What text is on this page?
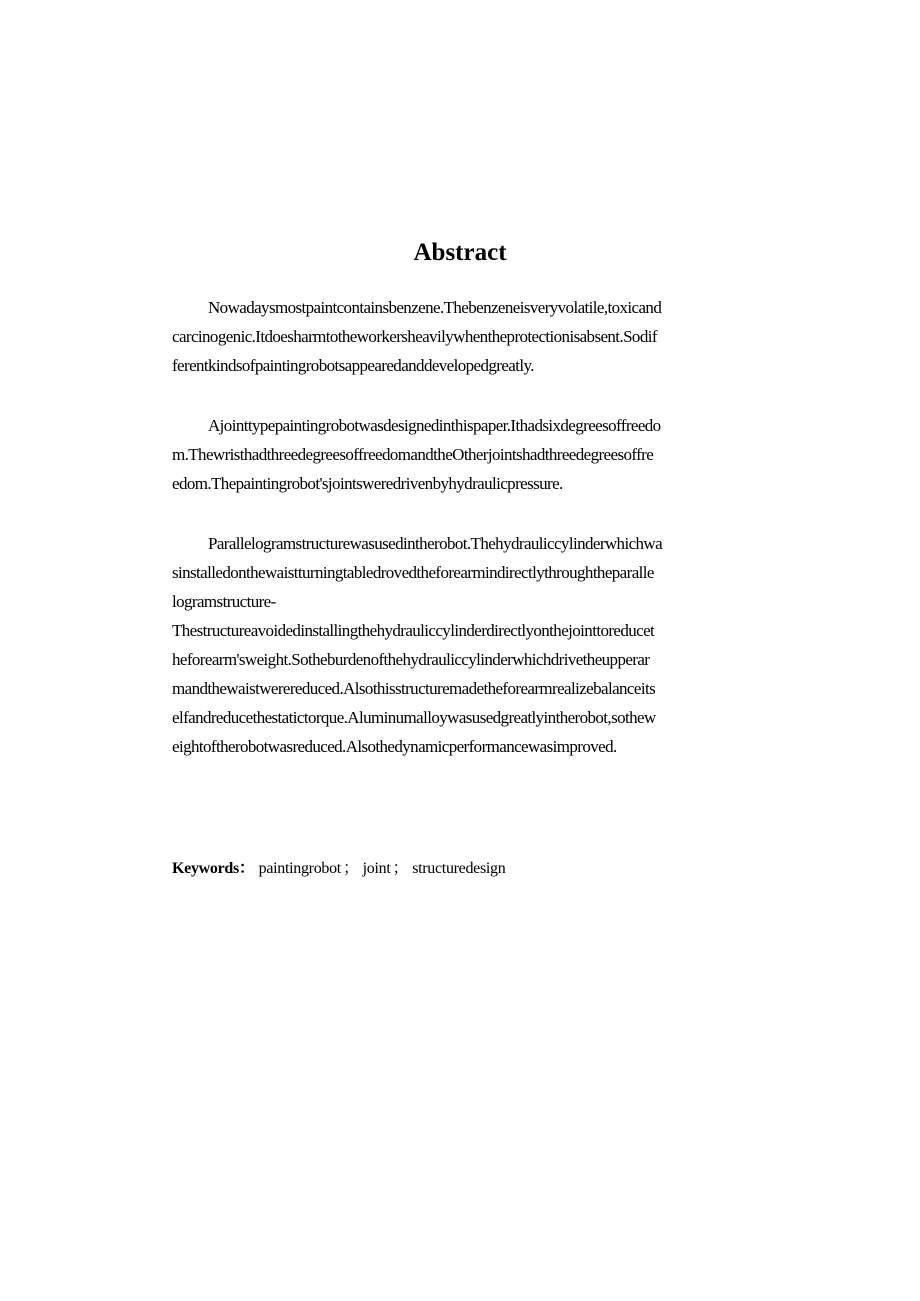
Abstract
Nowadaysmostpaintcontainsbenzene.Thebenzeneisveryvolatile,toxicand
carcinogenic.Itdoesharmtotheworkersheavilywhentheprotectionisabsent.Sodif
ferentkindsofpaintingrobotsappearedanddevelopedgreatly.
Ajointtypepaintingrobotwasdesignedinthispaper.Ithadsixdegreesoffreedo
m.ThewristhadthreedegreesoffreedomandtheOtherjointshadthreedegreesoffre
edom.Thepaintingrobot'sjointsweredrivenbyhydraulicpressure.
Parallelogramstructurewasusedintherobot.Thehydrauliccylinderwhichwa
sinstalledonthewaistturningtabledrovedtheforearmindirectlythroughtheparalle
logramstructure-
Thestructureavoidedinstallingthehydrauliccylinderdirectlyonthejointtoreducet
heforearm'sweight.Sotheburdenofthehydrauliccylinderwhichdrivetheupperar
mandthewaistwerereduced.Alsothisstructuremadetheforearmrealizebalanceits
elfandreducethestatictorque.Aluminumalloywasusedgreatlyintherobot,sothew
eightoftherobotwasreduced.Alsothedynamicperformancewasimproved.
Keywords： paintingrobot ； joint ； structuredesign
